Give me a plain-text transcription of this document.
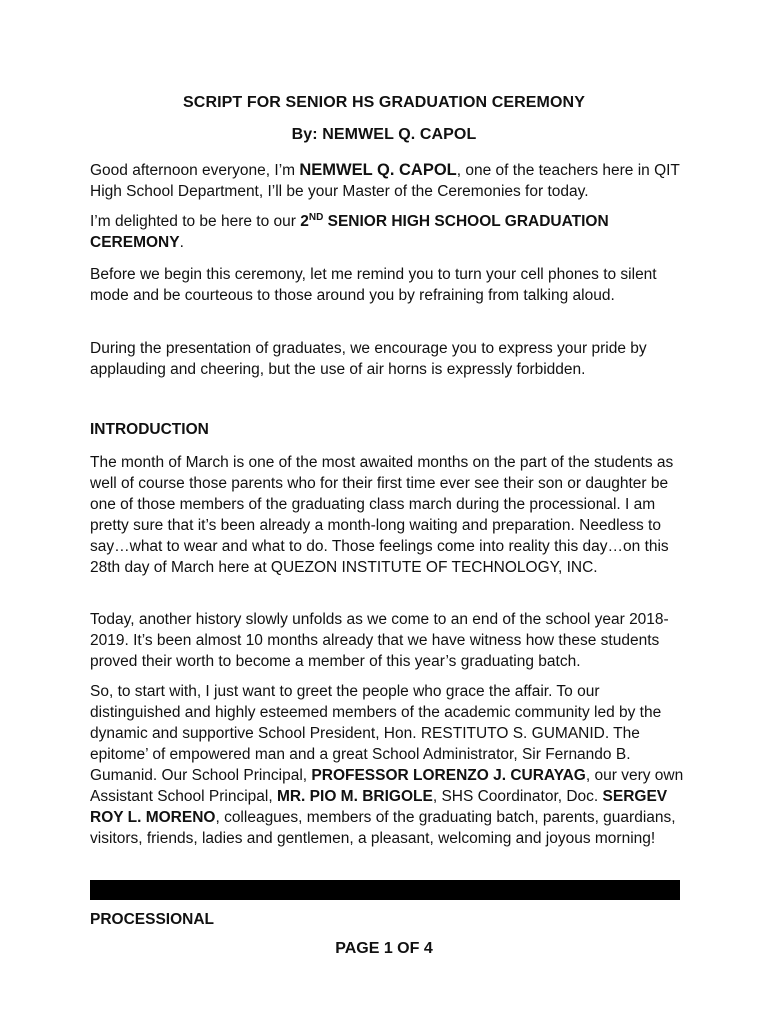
SCRIPT FOR SENIOR HS GRADUATION CEREMONY
By: NEMWEL Q. CAPOL

Good afternoon everyone, I’m NEMWEL Q. CAPOL, one of the teachers here in QIT High School Department, I’ll be your Master of the Ceremonies for today.

I’m delighted to be here to our 2ND SENIOR HIGH SCHOOL GRADUATION CEREMONY.

Before we begin this ceremony, let me remind you to turn your cell phones to silent mode and be courteous to those around you by refraining from talking aloud.

During the presentation of graduates, we encourage you to express your pride by applauding and cheering, but the use of air horns is expressly forbidden.

INTRODUCTION

The month of March is one of the most awaited months on the part of the students as well of course those parents who for their first time ever see their son or daughter be one of those members of the graduating class march during the processional. I am pretty sure that it’s been already a month-long waiting and preparation. Needless to say…what to wear and what to do. Those feelings come into reality this day…on this 28th day of March here at QUEZON INSTITUTE OF TECHNOLOGY, INC.

Today, another history slowly unfolds as we come to an end of the school year 2018-2019. It’s been almost 10 months already that we have witness how these students proved their worth to become a member of this year’s graduating batch.

So, to start with, I just want to greet the people who grace the affair. To our distinguished and highly esteemed members of the academic community led by the dynamic and supportive School President, Hon. RESTITUTO S. GUMANID. The epitome’ of empowered man and a great School Administrator, Sir Fernando B. Gumanid. Our School Principal, PROFESSOR LORENZO J. CURAYAG, our very own Assistant School Principal, MR. PIO M. BRIGOLE, SHS Coordinator, Doc. SERGEV ROY L. MORENO, colleagues, members of the graduating batch, parents, guardians, visitors, friends, ladies and gentlemen, a pleasant, welcoming and joyous morning!

PROCESSIONAL
PAGE 1 OF 4
